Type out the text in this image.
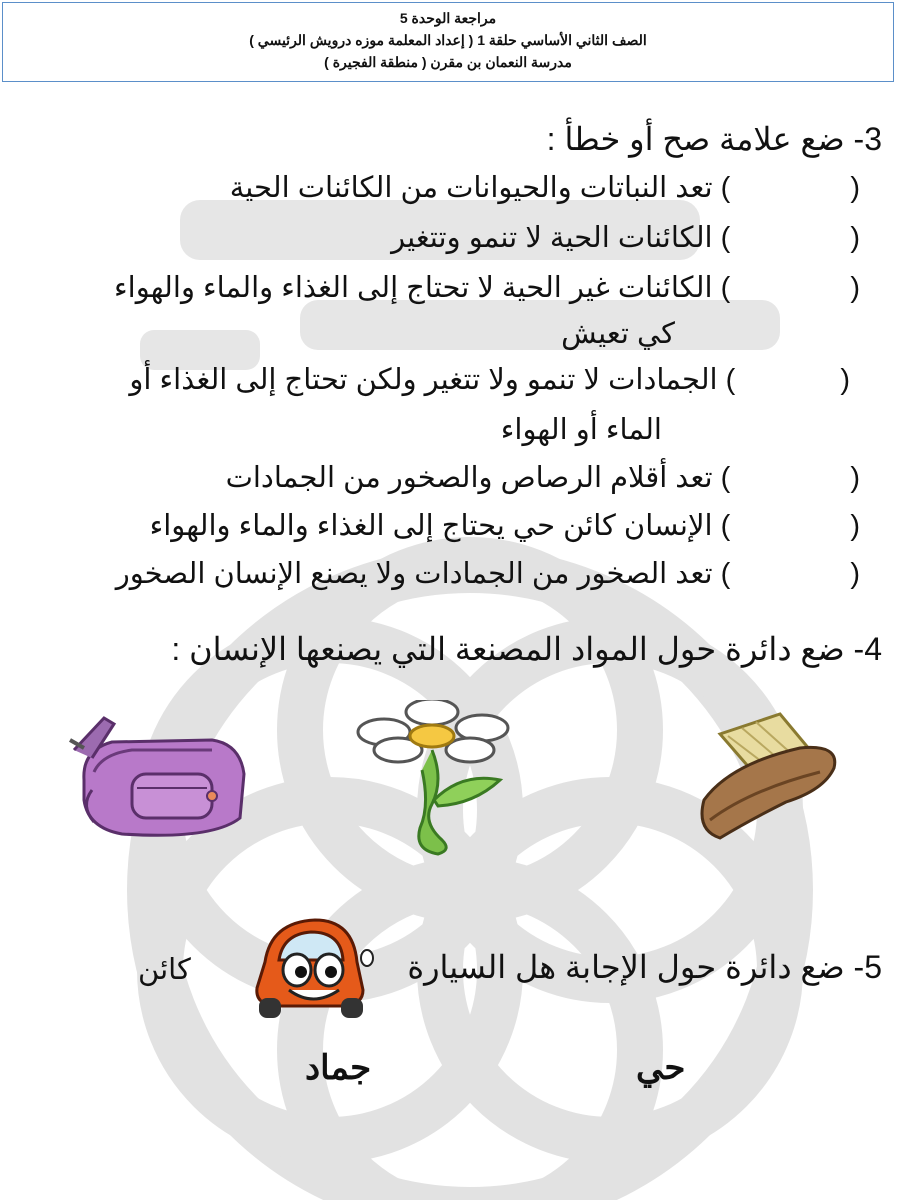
مراجعة الوحدة 5
الصف الثاني الأساسي حلقة 1 ( إعداد المعلمة موزه درويش الرئيسي )
مدرسة النعمان بن مقرن ( منطقة الفجيرة )
3- ضع علامة صح أو خطأ :
() تعد النباتات والحيوانات من الكائنات الحية
() الكائنات الحية لا تنمو وتتغير
() الكائنات غير الحية لا تحتاج إلى الغذاء والماء والهواء
كي تعيش
() الجمادات لا تنمو ولا تتغير ولكن تحتاج إلى الغذاء أو
الماء أو الهواء
() تعد أقلام الرصاص والصخور من الجمادات
() الإنسان كائن حي يحتاج إلى الغذاء والماء والهواء
() تعد الصخور من الجمادات ولا يصنع الإنسان الصخور
4- ضع دائرة حول المواد المصنعة التي يصنعها الإنسان :
5- ضع دائرة حول الإجابة هل السيارة
كائن
جماد	حي
